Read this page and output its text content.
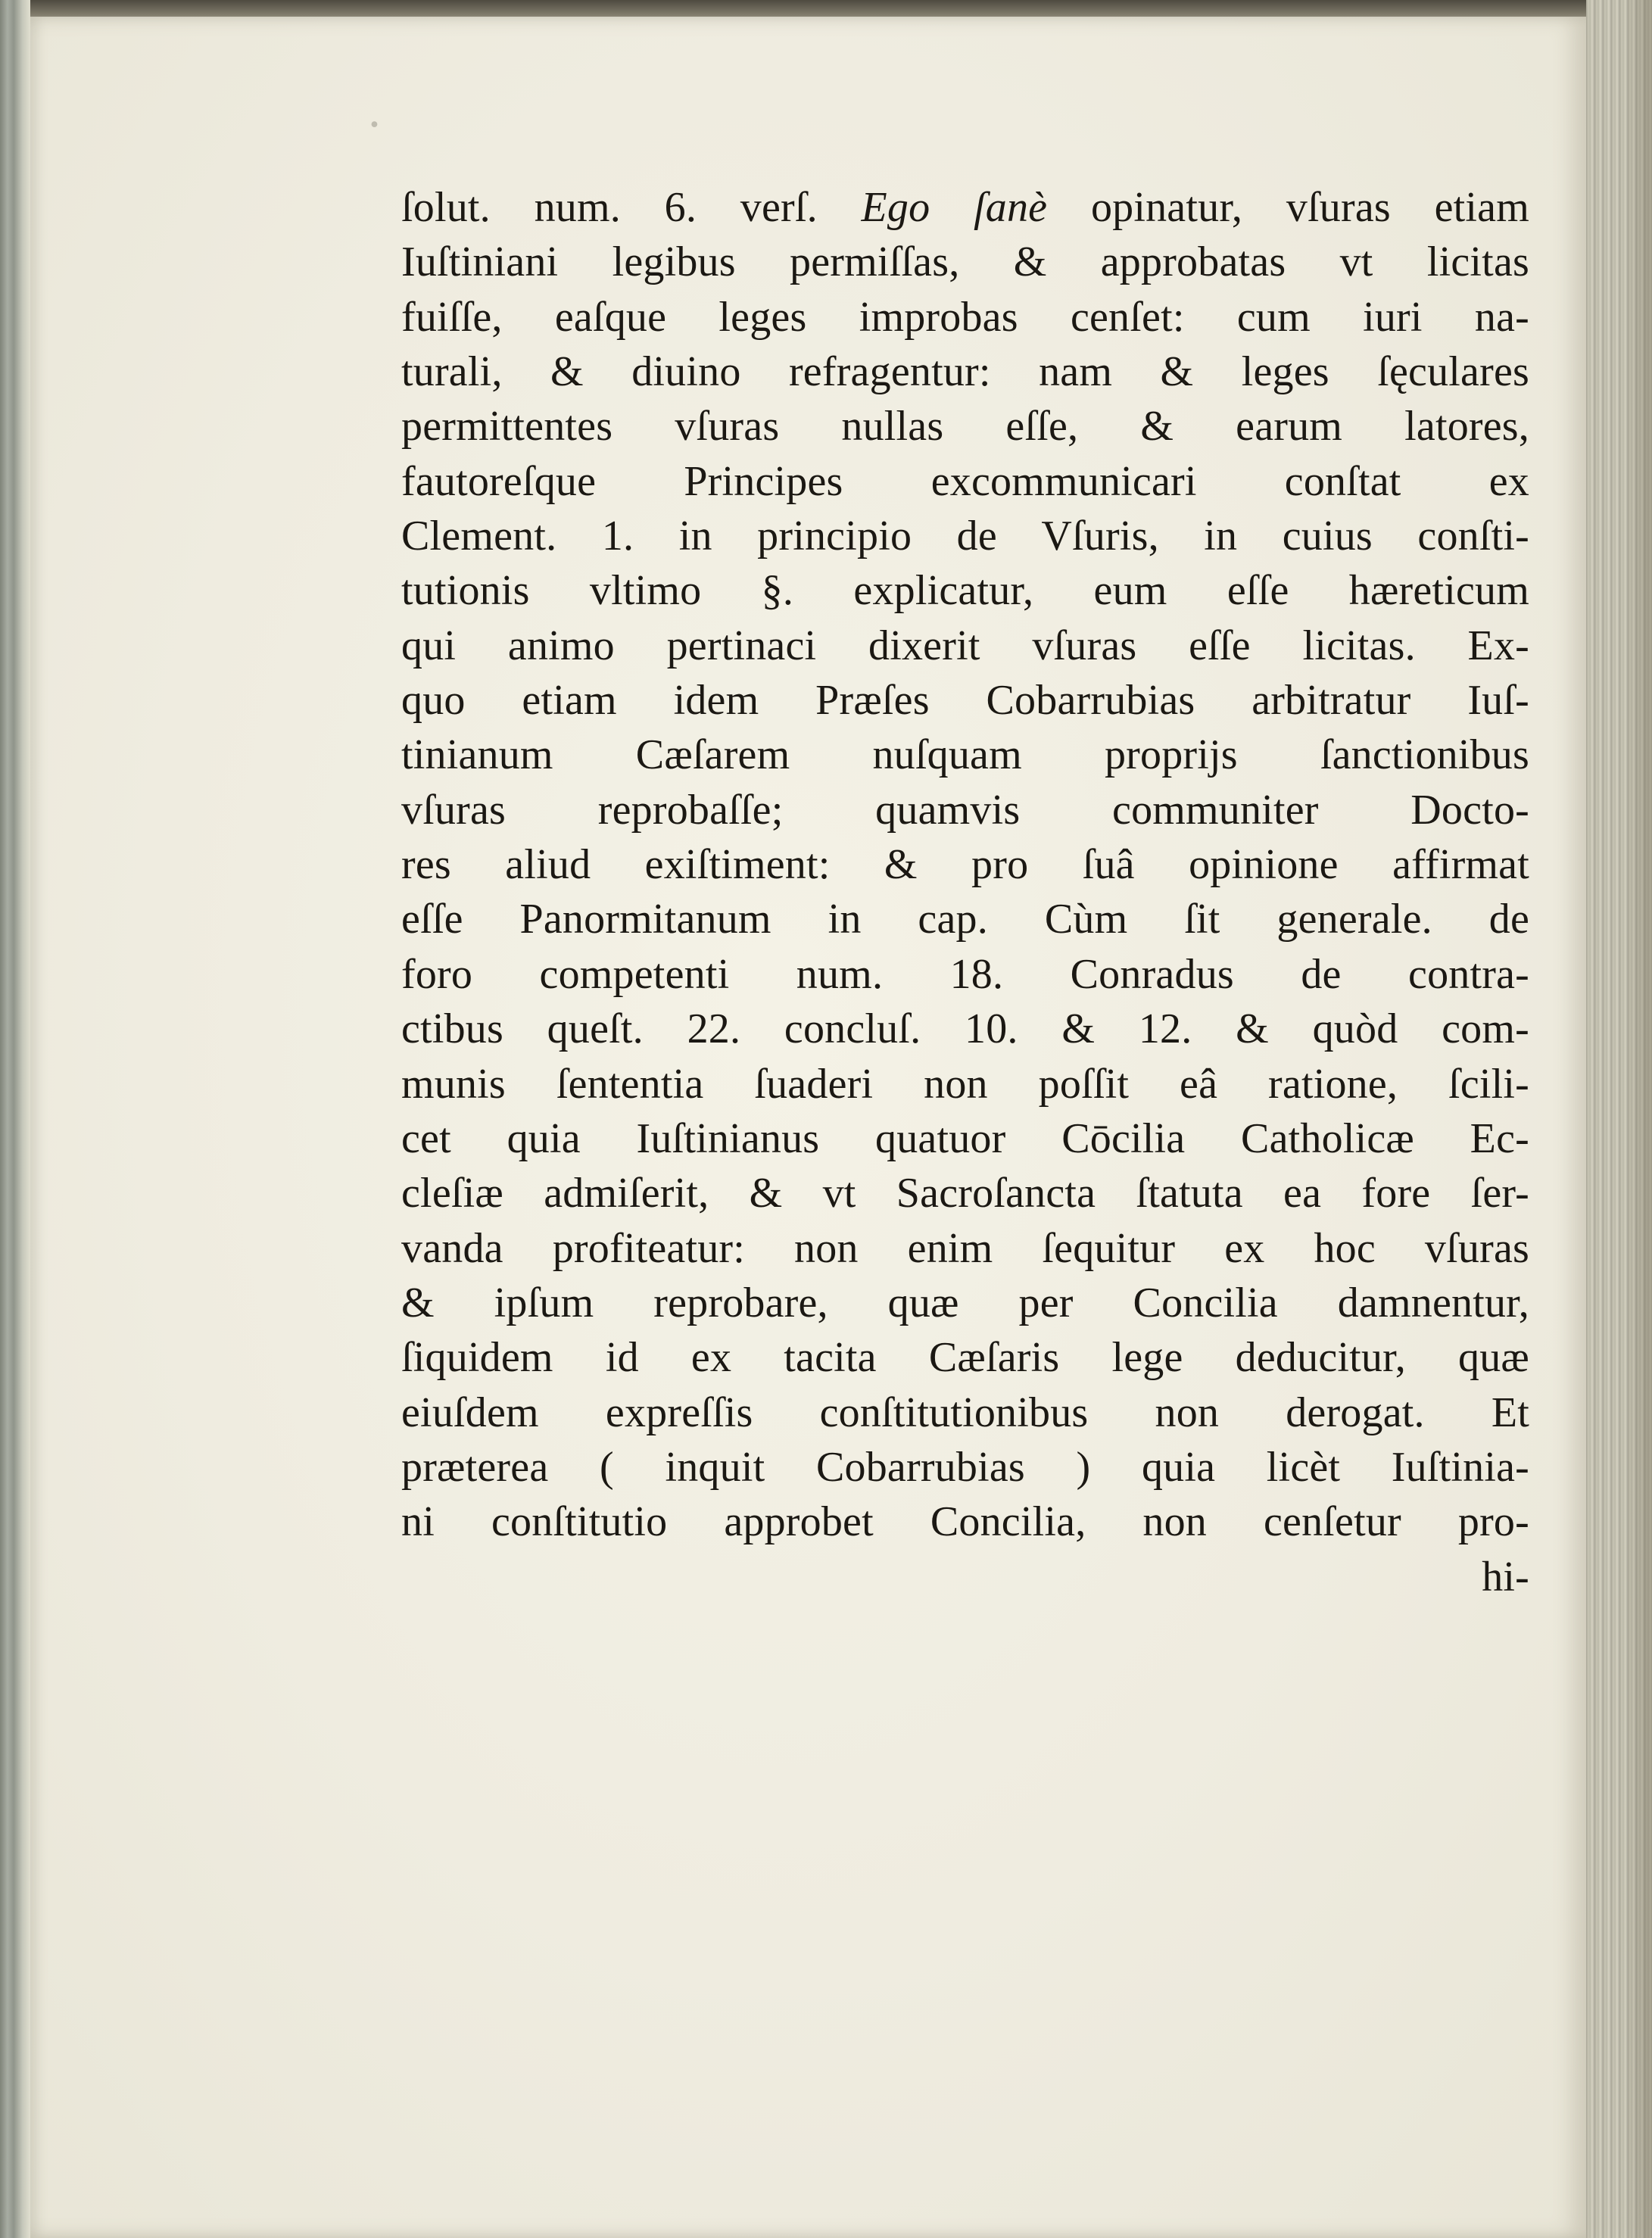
·
ſolut. num. 6. verſ. Ego ſanè opinatur, vſuras etiam
Iuſtiniani legibus permiſſas, & approbatas vt licitas
fuiſſe, eaſque leges improbas cenſet: cum iuri na-
turali, & diuino refragentur: nam & leges ſęculares
permittentes vſuras nullas eſſe, & earum latores,
fautoreſque Principes excommunicari conſtat ex
Clement. 1. in principio de Vſuris, in cuius conſti-
tutionis vltimo §. explicatur, eum eſſe hæreticum
qui animo pertinaci dixerit vſuras eſſe licitas. Ex-
quo etiam idem Præſes Cobarrubias arbitratur Iuſ-
tinianum Cæſarem nuſquam proprijs ſanctionibus
vſuras reprobaſſe; quamvis communiter Docto-
res aliud exiſtiment: & pro ſuâ opinione affirmat
eſſe Panormitanum in cap. Cùm ſit generale. de
foro competenti num. 18. Conradus de contra-
ctibus queſt. 22. concluſ. 10. & 12. & quòd com-
munis ſententia ſuaderi non poſſit eâ ratione, ſcili-
cet quia Iuſtinianus quatuor Cōcilia Catholicæ Ec-
cleſiæ admiſerit, & vt Sacroſancta ſtatuta ea fore ſer-
vanda profiteatur: non enim ſequitur ex hoc vſuras
& ipſum reprobare, quæ per Concilia damnentur,
ſiquidem id ex tacita Cæſaris lege deducitur, quæ
eiuſdem expreſſis conſtitutionibus non derogat. Et
præterea ( inquit Cobarrubias ) quia licèt Iuſtinia-
ni conſtitutio approbet Concilia, non cenſetur pro-
hi-
